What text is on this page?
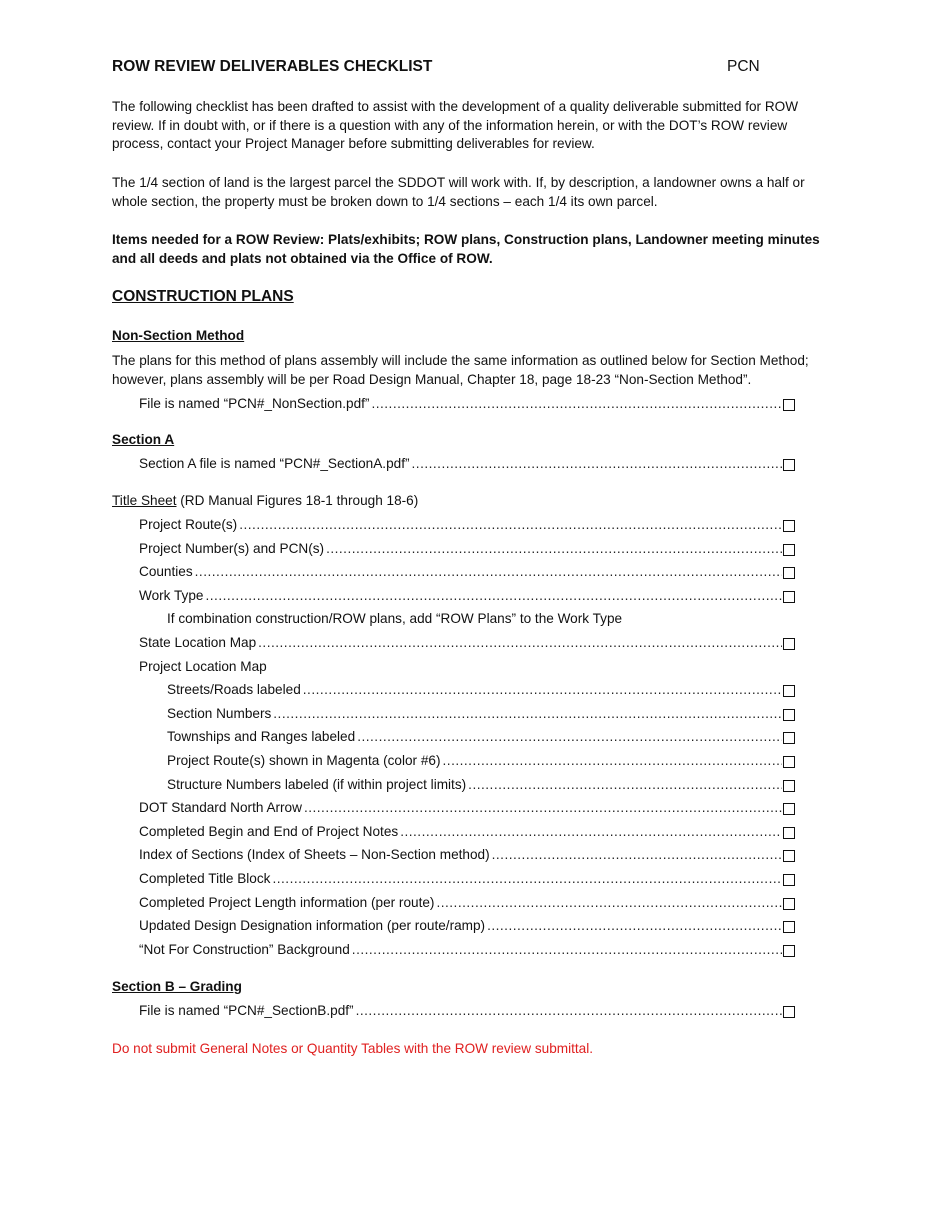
ROW REVIEW DELIVERABLES CHECKLIST	PCN
The following checklist has been drafted to assist with the development of a quality deliverable submitted for ROW review. If in doubt with, or if there is a question with any of the information herein, or with the DOT’s ROW review process, contact your Project Manager before submitting deliverables for review.
The 1/4 section of land is the largest parcel the SDDOT will work with. If, by description, a landowner owns a half or whole section, the property must be broken down to 1/4 sections – each 1/4 its own parcel.
Items needed for a ROW Review: Plats/exhibits; ROW plans, Construction plans, Landowner meeting minutes and all deeds and plats not obtained via the Office of ROW.
CONSTRUCTION PLANS
Non-Section Method
The plans for this method of plans assembly will include the same information as outlined below for Section Method; however, plans assembly will be per Road Design Manual, Chapter 18, page 18-23 “Non-Section Method”.
File is named “PCN#_NonSection.pdf”
.....
Section A
Section A file is named “PCN#_SectionA.pdf”
.....
Title Sheet (RD Manual Figures 18-1 through 18-6)
Project Route(s)
.....
Project Number(s) and PCN(s)
.....
Counties
.....
Work Type
.....
If combination construction/ROW plans, add “ROW Plans” to the Work Type
State Location Map
.....
Project Location Map
Streets/Roads labeled
.....
Section Numbers
.....
Townships and Ranges labeled
.....
Project Route(s) shown in Magenta (color #6)
.....
Structure Numbers labeled (if within project limits)
.....
DOT Standard North Arrow
.....
Completed Begin and End of Project Notes
.....
Index of Sections (Index of Sheets – Non-Section method)
.....
Completed Title Block
.....
Completed Project Length information (per route)
.....
Updated Design Designation information (per route/ramp)
.....
“Not For Construction” Background
.....
Section B – Grading
File is named “PCN#_SectionB.pdf”
.....
Do not submit General Notes or Quantity Tables with the ROW review submittal.
